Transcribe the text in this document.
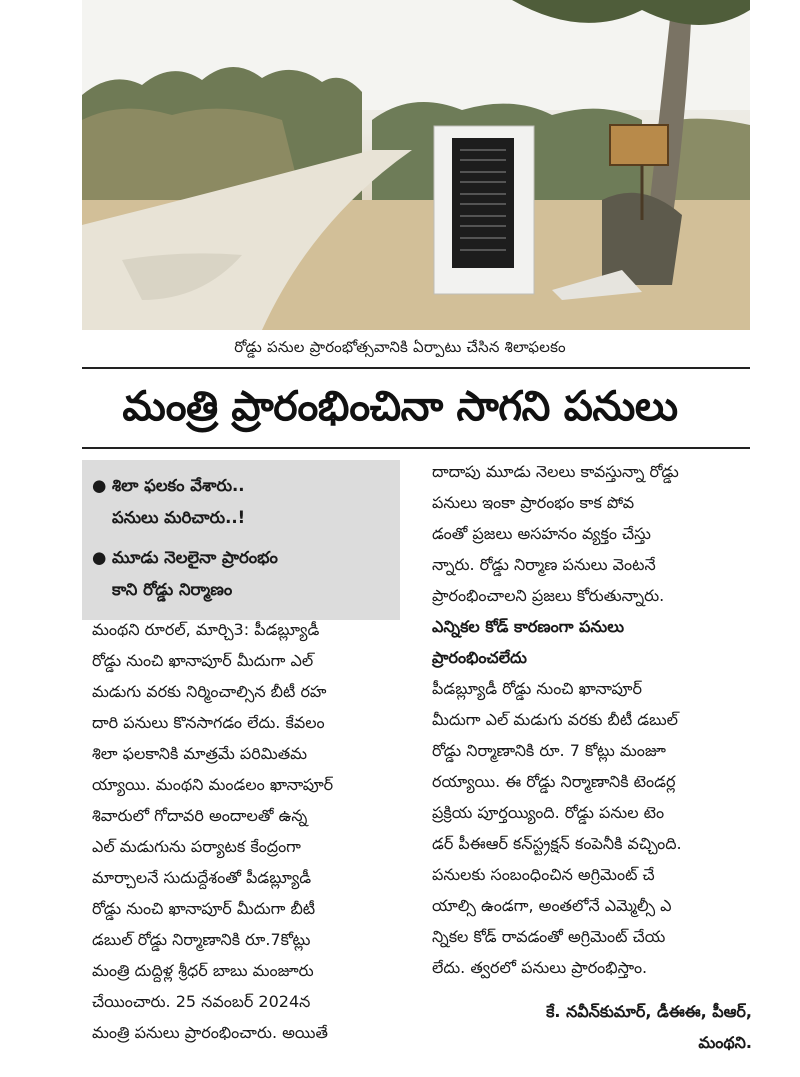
రోడ్డు పనుల ప్రారంభోత్సవానికి ఏర్పాటు చేసిన శిలాఫలకం
మంత్రి ప్రారంభించినా సాగని పనులు
● శిలా ఫలకం వేశారు..
పనులు మరిచారు..!
● మూడు నెలలైనా ప్రారంభం
కాని రోడ్డు నిర్మాణం
మంథని రూరల్, మార్చి3: పీడబ్ల్యూడీ
రోడ్డు నుంచి ఖానాపూర్ మీదుగా ఎల్
మడుగు వరకు నిర్మించాల్సిన బీటీ రహ
దారి పనులు కొనసాగడం లేదు. కేవలం
శిలా ఫలకానికి మాత్రమే పరిమితమ
య్యాయి. మంథని మండలం ఖానాపూర్
శివారులో గోదావరి అందాలతో ఉన్న
ఎల్ మడుగును పర్యాటక కేంద్రంగా
మార్చాలనే సుదుద్దేశంతో పీడబ్ల్యూడీ
రోడ్డు నుంచి ఖానాపూర్ మీదుగా బీటీ
డబుల్ రోడ్డు నిర్మాణానికి రూ.7కోట్లు
మంత్రి దుద్దిళ్ల శ్రీధర్ బాబు మంజూరు
చేయించారు. 25 నవంబర్ 2024న
మంత్రి పనులు ప్రారంభించారు. అయితే
దాదాపు మూడు నెలలు కావస్తున్నా రోడ్డు
పనులు ఇంకా ప్రారంభం కాక పోవ
డంతో ప్రజలు అసహనం వ్యక్తం చేస్తు
న్నారు. రోడ్డు నిర్మాణ పనులు వెంటనే
ప్రారంభించాలని ప్రజలు కోరుతున్నారు.
ఎన్నికల కోడ్ కారణంగా పనులు
ప్రారంభించలేదు
పీడబ్ల్యూడీ రోడ్డు నుంచి ఖానాపూర్
మీదుగా ఎల్ మడుగు వరకు బీటీ డబుల్
రోడ్డు నిర్మాణానికి రూ. 7 కోట్లు మంజూ
రయ్యాయి. ఈ రోడ్డు నిర్మాణానికి టెండర్ల
ప్రక్రియ పూర్తయ్యింది. రోడ్డు పనుల టెం
డర్ పీఈఆర్ కన్‌స్ట్రక్షన్ కంపెనీకి వచ్చింది.
పనులకు సంబంధించిన అగ్రిమెంట్ చే
యాల్సి ఉండగా, అంతలోనే ఎమ్మెల్సీ ఎ
న్నికల కోడ్ రావడంతో అగ్రిమెంట్ చేయ
లేదు. త్వరలో పనులు ప్రారంభిస్తాం.
కే. నవీన్‌కుమార్, డీఈఈ, పీఆర్,
మంథని.
